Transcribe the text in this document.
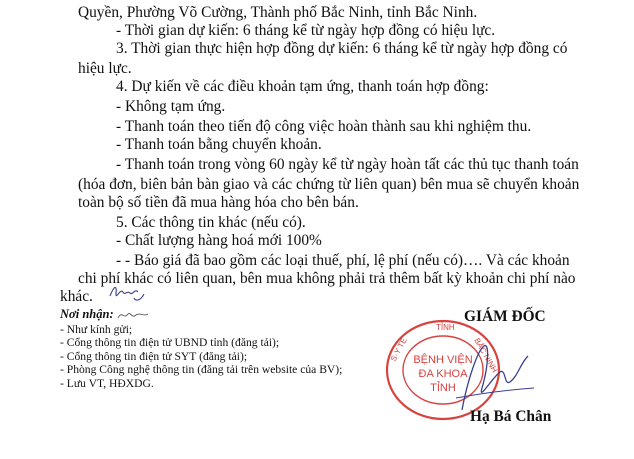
Quyền, Phường Võ Cường, Thành phố Bắc Ninh, tỉnh Bắc Ninh.
- Thời gian dự kiến: 6 tháng kể từ ngày hợp đồng có hiệu lực.
3. Thời gian thực hiện hợp đồng dự kiến: 6 tháng kể từ ngày hợp đồng có
hiệu lực.
4. Dự kiến về các điều khoản tạm ứng, thanh toán hợp đồng:
- Không tạm ứng.
- Thanh toán theo tiến độ công việc hoàn thành sau khi nghiệm thu.
- Thanh toán bằng chuyển khoản.
- Thanh toán trong vòng 60 ngày kể từ ngày hoàn tất các thủ tục thanh toán
(hóa đơn, biên bản bàn giao và các chứng từ liên quan) bên mua sẽ chuyển khoản
toàn bộ số tiền đã mua hàng hóa cho bên bán.
5. Các thông tin khác (nếu có).
- Chất lượng hàng hoá mới 100%
- - Báo giá đã bao gồm các loại thuế, phí, lệ phí (nếu có)…. Và các khoản
chi phí khác có liên quan, bên mua không phải trả thêm bất kỳ khoản chi phí nào
khác.
Nơi nhận:
- Như kính gửi;
- Cổng thông tin điện tử UBND tỉnh (đăng tải);
- Cổng thông tin điện tử SYT (đăng tải);
- Phòng Công nghệ thông tin (đăng tải trên website của BV);
- Lưu VT, HĐXDG.
GIÁM ĐỐC
S·Y TẾ
TỈNH
BẮC NINH
BỆNH VIỆN
ĐA KHOA
TỈNH
Hạ Bá Chân
